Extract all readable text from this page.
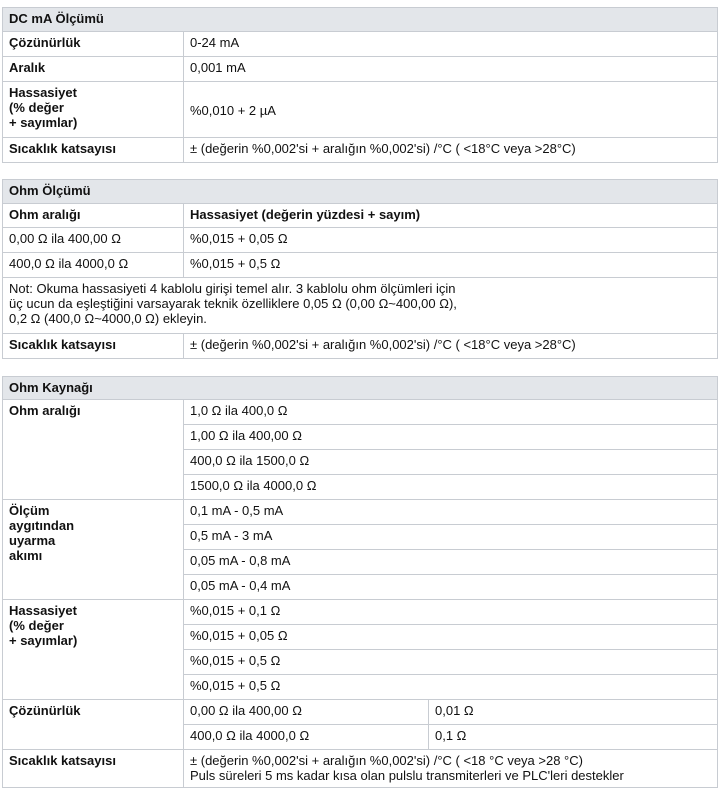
DC mA Ölçümü	
Çözünürlük	0-24 mA
Aralık	0,001 mA

Hassasiyet
(% değer
+ sayımlar)	%0,010 + 2 µA
Sıcaklık katsayısı	± (değerin %0,002'si + aralığın %0,002'si) /°C ( <18°C veya >28°C)
Ohm Ölçümü	
Ohm aralığı	Hassasiyet (değerin yüzdesi + sayım)
0,00 Ω ila 400,00 Ω	%0,015 + 0,05 Ω
400,0 Ω ila 4000,0 Ω	%0,015 + 0,5 Ω

Not: Okuma hassasiyeti 4 kablolu girişi temel alır. 3 kablolu ohm ölçümleri için
üç ucun da eşleştiğini varsayarak teknik özelliklere 0,05 Ω (0,00 Ω~400,00 Ω),
0,2 Ω (400,0 Ω~4000,0 Ω) ekleyin.	

Sıcaklık katsayısı	± (değerin %0,002'si + aralığın %0,002'si) /°C ( <18°C veya >28°C)
Ohm Kaynağı		
Ohm aralığı	1,0 Ω ila 400,0 Ω	
	1,00 Ω ila 400,00 Ω	
	400,0 Ω ila 1500,0 Ω	
	1500,0 Ω ila 4000,0 Ω	

Ölçüm
aygıtından
uyarma
akımı	0,1 mA - 0,5 mA	
	0,5 mA - 3 mA	
	0,05 mA - 0,8 mA	
	0,05 mA - 0,4 mA	

Hassasiyet
(% değer
+ sayımlar)	%0,015 + 0,1 Ω	
	%0,015 + 0,05 Ω	
	%0,015 + 0,5 Ω	
	%0,015 + 0,5 Ω	
Çözünürlük	0,00 Ω ila 400,00 Ω	0,01 Ω
	400,0 Ω ila 4000,0 Ω	0,1 Ω
Sıcaklık katsayısı	± (değerin %0,002'si + aralığın %0,002'si) /°C ( <18 °C veya >28 °C)
Puls süreleri 5 ms kadar kısa olan pulslu transmiterleri ve PLC'leri destekler	
